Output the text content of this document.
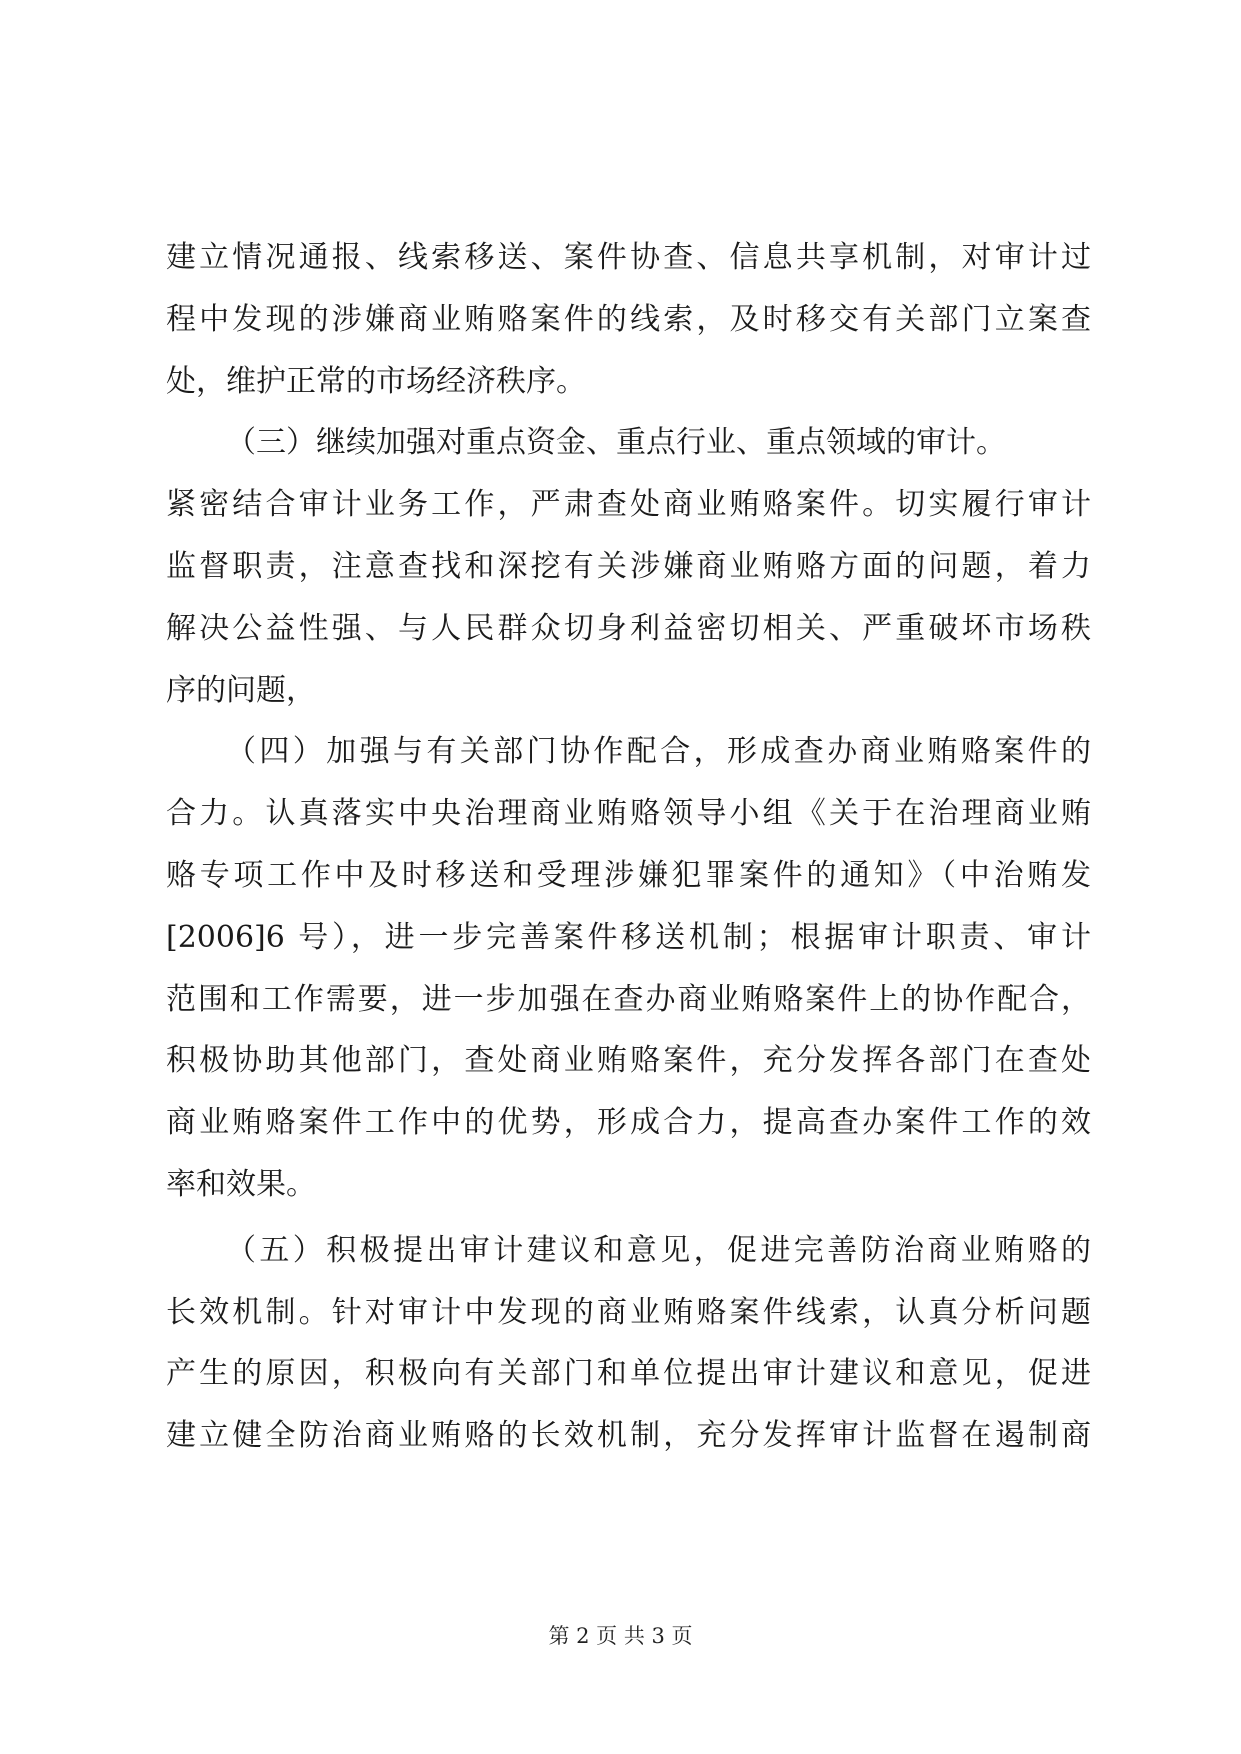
建立情况通报、线索移送、案件协查、信息共享机制，对审计过
程中发现的涉嫌商业贿赂案件的线索，及时移交有关部门立案查
处，维护正常的市场经济秩序。
（三）继续加强对重点资金、重点行业、重点领域的审计。
紧密结合审计业务工作，严肃查处商业贿赂案件。切实履行审计
监督职责，注意查找和深挖有关涉嫌商业贿赂方面的问题，着力
解决公益性强、与人民群众切身利益密切相关、严重破坏市场秩
序的问题，
（四）加强与有关部门协作配合，形成查办商业贿赂案件的
合力。认真落实中央治理商业贿赂领导小组《关于在治理商业贿
赂专项工作中及时移送和受理涉嫌犯罪案件的通知》（中治贿发
[2006]6 号），进一步完善案件移送机制；根据审计职责、审计
范围和工作需要，进一步加强在查办商业贿赂案件上的协作配合，
积极协助其他部门，查处商业贿赂案件，充分发挥各部门在查处
商业贿赂案件工作中的优势，形成合力，提高查办案件工作的效
率和效果。
（五）积极提出审计建议和意见，促进完善防治商业贿赂的
长效机制。针对审计中发现的商业贿赂案件线索，认真分析问题
产生的原因，积极向有关部门和单位提出审计建议和意见，促进
建立健全防治商业贿赂的长效机制，充分发挥审计监督在遏制商
第 2 页 共 3 页
